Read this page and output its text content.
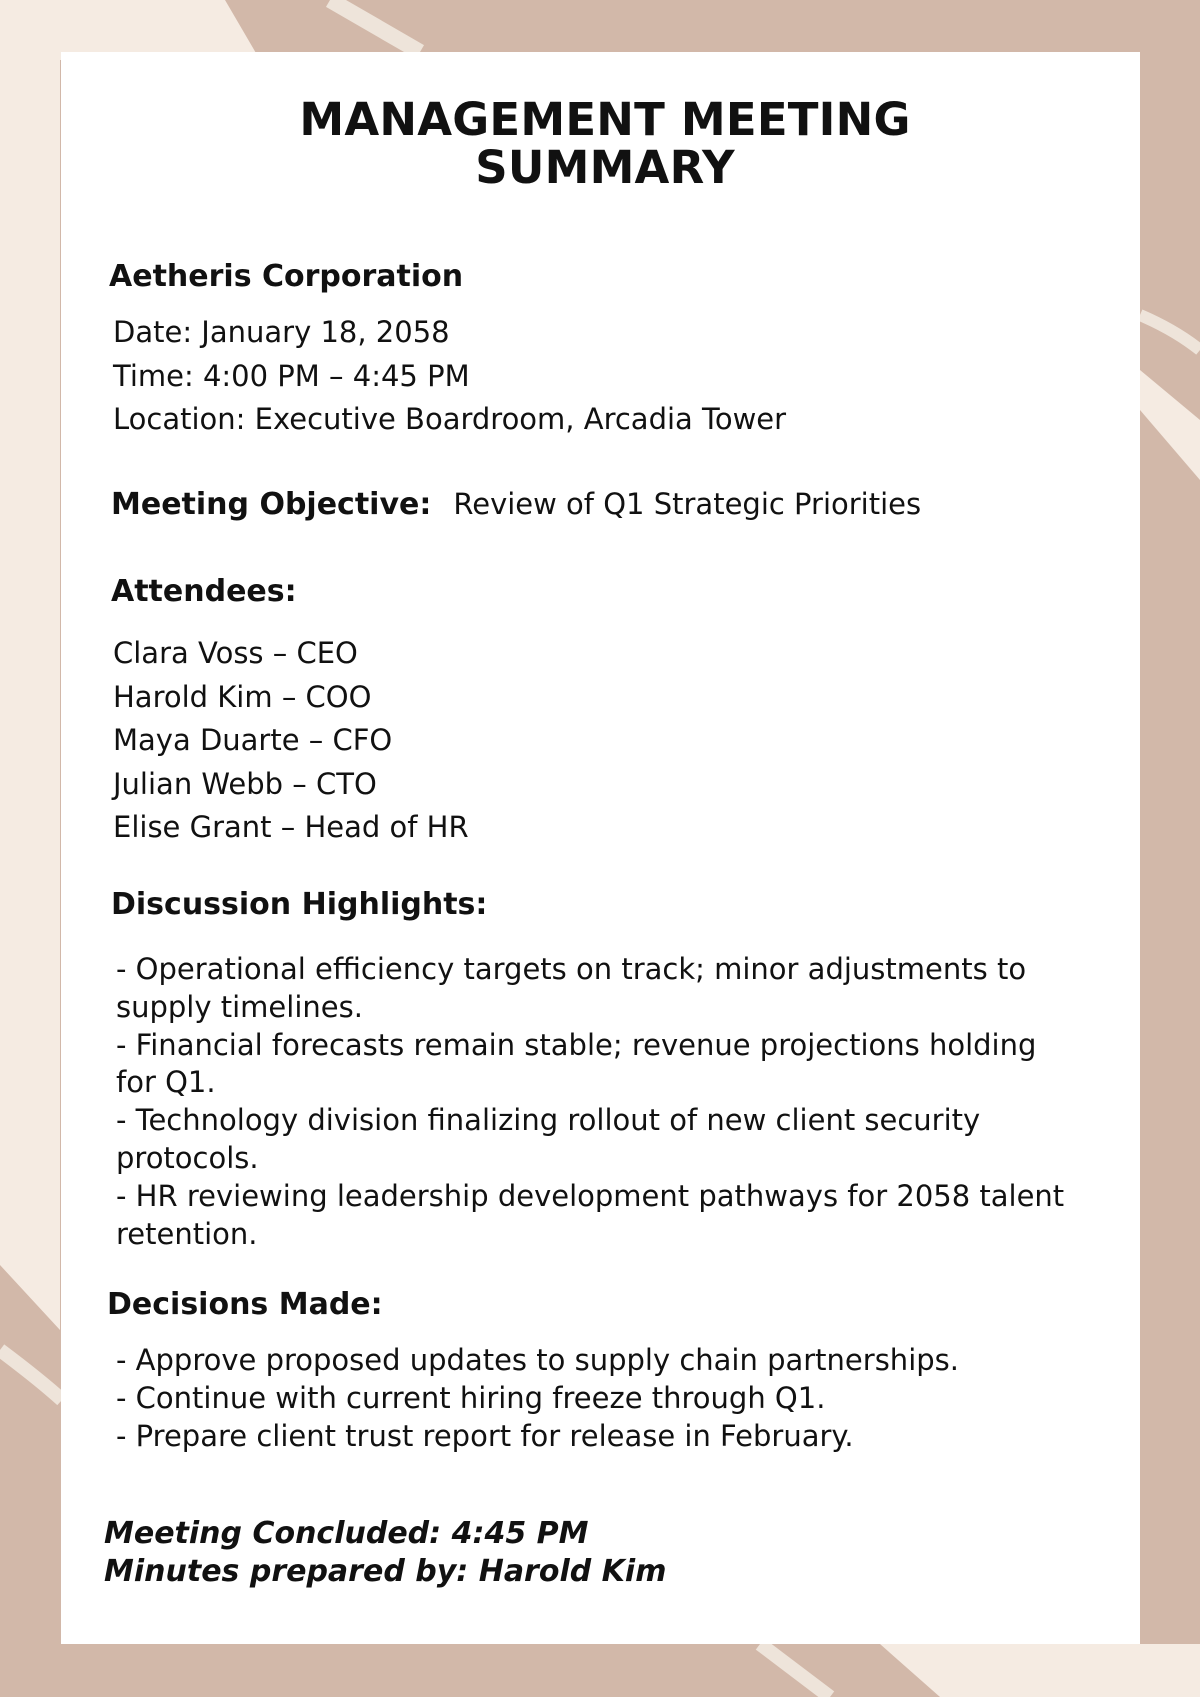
MANAGEMENT MEETING
SUMMARY
Aetheris Corporation
Date: January 18, 2058
Time: 4:00 PM – 4:45 PM
Location: Executive Boardroom, Arcadia Tower
Meeting Objective: Review of Q1 Strategic Priorities
Attendees:
Clara Voss – CEO
Harold Kim – COO
Maya Duarte – CFO
Julian Webb – CTO
Elise Grant – Head of HR
Discussion Highlights:
- Operational efficiency targets on track; minor adjustments to supply timelines.
- Financial forecasts remain stable; revenue projections holding for Q1.
- Technology division finalizing rollout of new client security protocols.
- HR reviewing leadership development pathways for 2058 talent retention.
Decisions Made:
- Approve proposed updates to supply chain partnerships.
- Continue with current hiring freeze through Q1.
- Prepare client trust report for release in February.
Meeting Concluded: 4:45 PM
Minutes prepared by: Harold Kim
